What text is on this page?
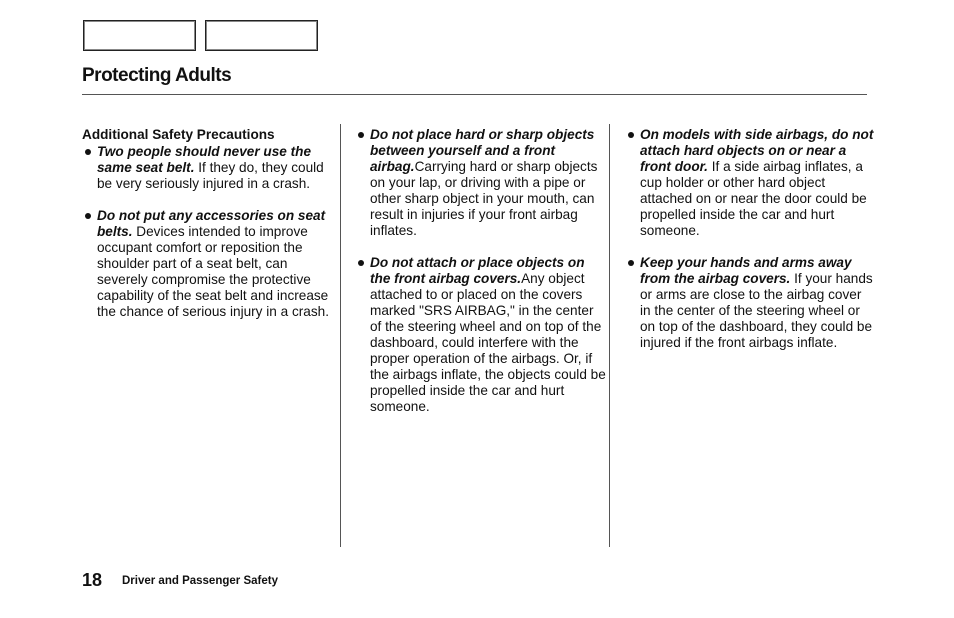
Protecting Adults
Additional Safety Precautions
Two people should never use the same seat belt. If they do, they could be very seriously injured in a crash.
Do not put any accessories on seat belts. Devices intended to improve occupant comfort or reposition the shoulder part of a seat belt, can severely compromise the protective capability of the seat belt and increase the chance of serious injury in a crash.
Do not place hard or sharp objects between yourself and a front airbag.Carrying hard or sharp objects on your lap, or driving with a pipe or other sharp object in your mouth, can result in injuries if your front airbag inflates.
Do not attach or place objects on the front airbag covers.Any object attached to or placed on the covers marked "SRS AIRBAG," in the center of the steering wheel and on top of the dashboard, could interfere with the proper operation of the airbags. Or, if the airbags inflate, the objects could be propelled inside the car and hurt someone.
On models with side airbags, do not attach hard objects on or near a front door. If a side airbag inflates, a cup holder or other hard object attached on or near the door could be propelled inside the car and hurt someone.
Keep your hands and arms away from the airbag covers. If your hands or arms are close to the airbag cover in the center of the steering wheel or on top of the dashboard, they could be injured if the front airbags inflate.
18 Driver and Passenger Safety
